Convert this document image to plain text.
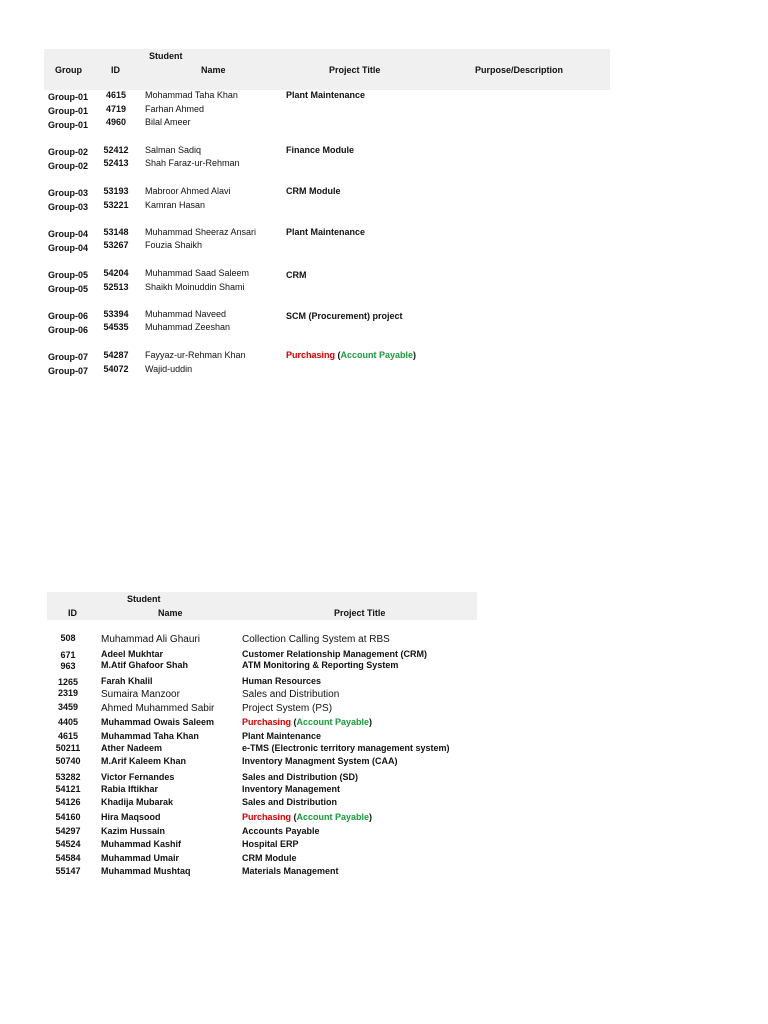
Group	ID
Student
Name	Project Title	Purpose/Description
Group-01	4615	Mohammad Taha Khan	Plant Maintenance
Group-01	4719	Farhan Ahmed
Group-01	4960	Bilal Ameer
Group-02	52412	Salman Sadiq	Finance Module
Group-02	52413	Shah Faraz-ur-Rehman
Group-03	53193	Mabroor Ahmed Alavi	CRM Module
Group-03	53221	Kamran Hasan
Group-04	53148	Muhammad Sheeraz Ansari	Plant Maintenance
Group-04	53267	Fouzia Shaikh
Group-05	54204	Muhammad Saad Saleem	CRM
Group-05	52513	Shaikh Moinuddin Shami
Group-06	53394	Muhammad Naveed	SCM (Procurement) project
Group-06	54535	Muhammad Zeeshan
Group-07	54287	Fayyaz-ur-Rehman Khan	Purchasing (Account Payable)
Group-07	54072	Wajid-uddin
ID
Student
Name	Project Title
508	Muhammad Ali Ghauri	Collection Calling System at RBS
671	Adeel Mukhtar	Customer Relationship Management (CRM)
963	M.Atif Ghafoor Shah	ATM Monitoring & Reporting System
1265	Farah Khalil	Human Resources
2319	Sumaira Manzoor	Sales and Distribution
3459	Ahmed Muhammed Sabir	Project System (PS)
4405	Muhammad Owais Saleem	Purchasing (Account Payable)
4615	Muhammad Taha Khan	Plant Maintenance
50211	Ather Nadeem	e-TMS (Electronic territory management system)
50740	M.Arif Kaleem Khan	Inventory Managment System (CAA)
53282	Victor Fernandes	Sales and Distribution (SD)
54121	Rabia Iftikhar	Inventory Management
54126	Khadija Mubarak	Sales and Distribution
54160	Hira Maqsood	Purchasing (Account Payable)
54297	Kazim Hussain	Accounts Payable
54524	Muhammad Kashif	Hospital ERP
54584	Muhammad Umair	CRM Module
55147	Muhammad Mushtaq	Materials Management
